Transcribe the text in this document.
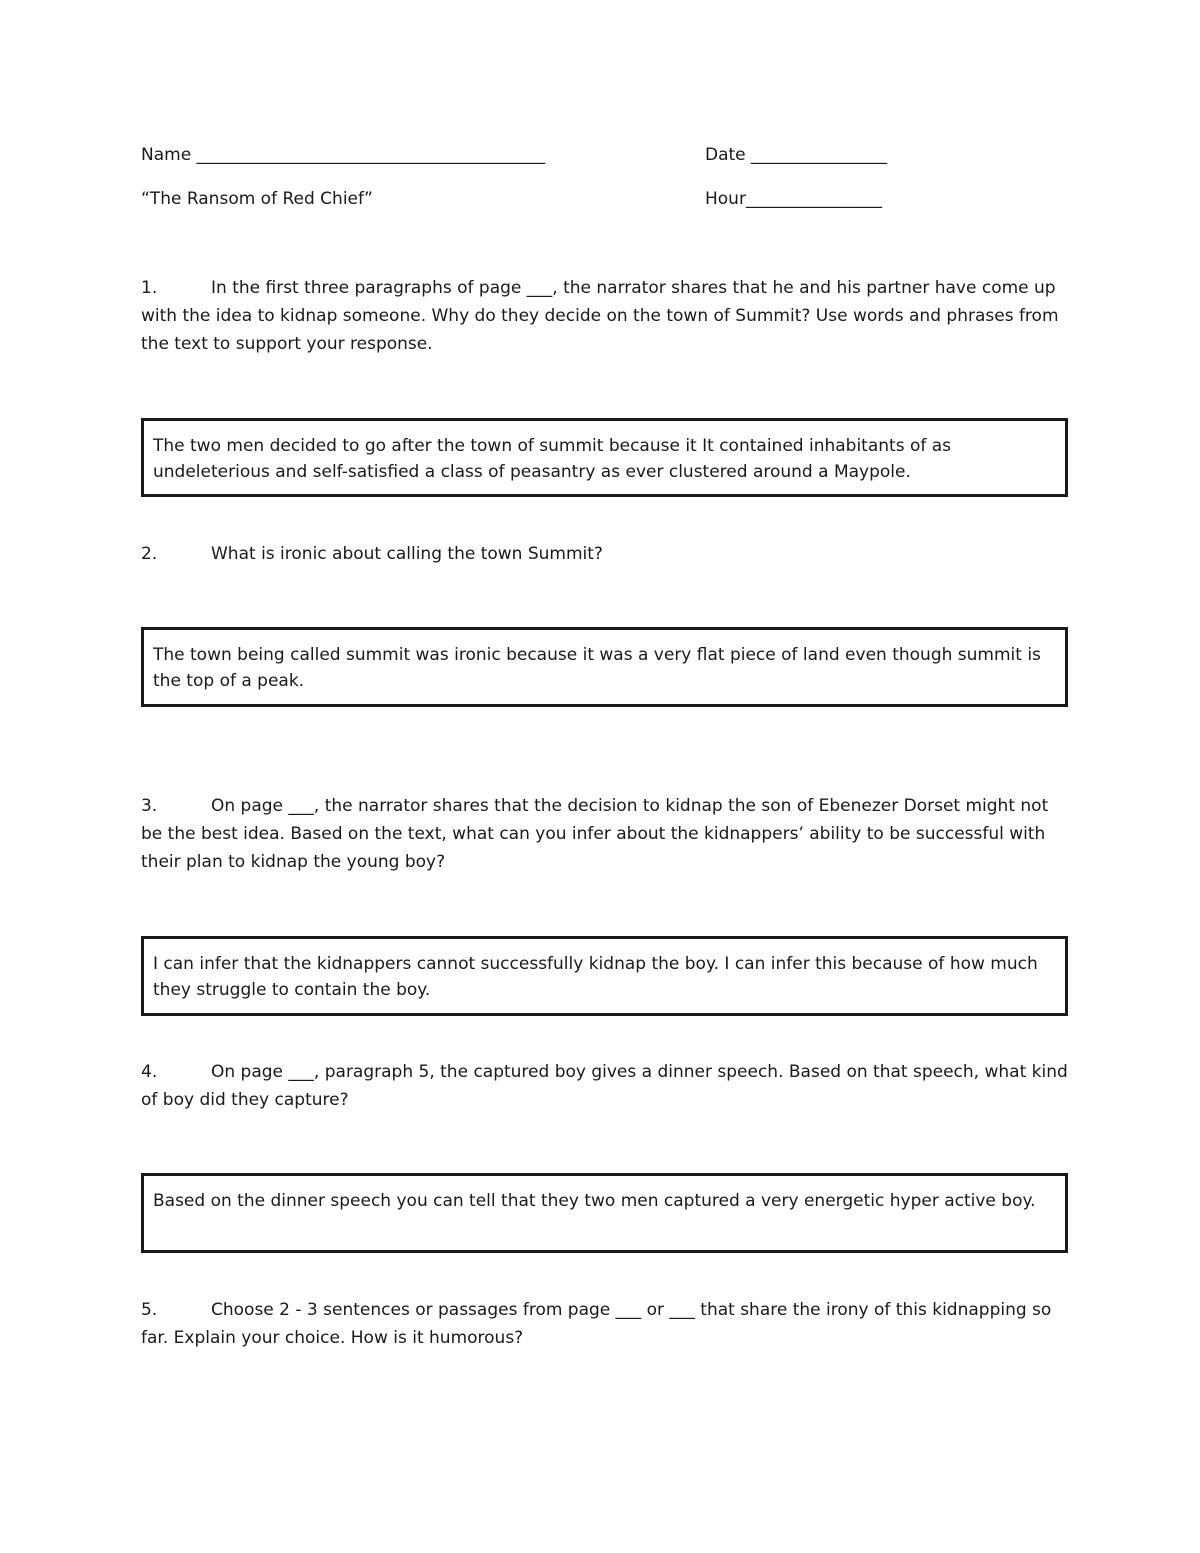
Name _________________________________________	Date ________________
“The Ransom of Red Chief”	Hour________________
1.	In the first three paragraphs of page ___, the narrator shares that he and his partner have come up with the idea to kidnap someone. Why do they decide on the town of Summit? Use words and phrases from the text to support your response.
The two men decided to go after the town of summit because it It contained inhabitants of as undeleterious and self-satisfied a class of peasantry as ever clustered around a Maypole.
2.	What is ironic about calling the town Summit?
The town being called summit was ironic because it was a very flat piece of land even though summit is the top of a peak.
3.	On page ___, the narrator shares that the decision to kidnap the son of Ebenezer Dorset might not be the best idea. Based on the text, what can you infer about the kidnappers’ ability to be successful with their plan to kidnap the young boy?
I can infer that the kidnappers cannot successfully kidnap the boy. I can infer this because of how much they struggle to contain the boy.
4.	On page ___, paragraph 5, the captured boy gives a dinner speech. Based on that speech, what kind of boy did they capture?
Based on the dinner speech you can tell that they two men captured a very energetic hyper active boy.
5.	Choose 2 - 3 sentences or passages from page ___ or ___ that share the irony of this kidnapping so far. Explain your choice. How is it humorous?
